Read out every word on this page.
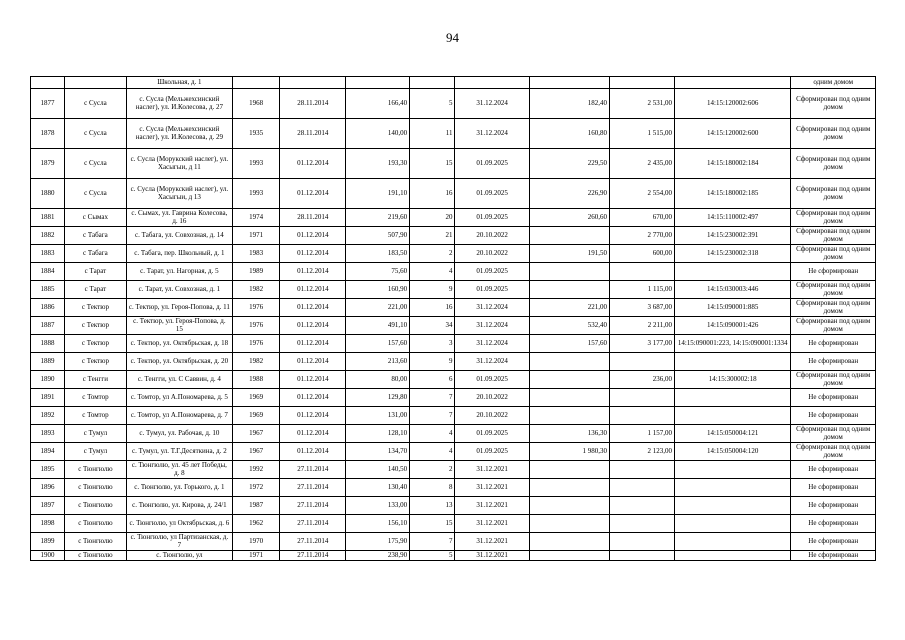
94
		Школьная, д. 1									одним домом
1877	с Сусла	с. Сусла (Мельжехсинский наслег), ул. И.Колесова, д. 27	1968	28.11.2014	166,40	5	31.12.2024	182,40	2 531,00	14:15:120002:606	Сформирован под одним домом
1878	с Сусла	с. Сусла (Мельжехсинский наслег), ул. И.Колесова, д. 29	1935	28.11.2014	140,00	11	31.12.2024	160,80	1 515,00	14:15:120002:600	Сформирован под одним домом
1879	с Сусла	с. Сусла (Морукский наслег), ул. Хасыгыи, д 11	1993	01.12.2014	193,30	15	01.09.2025	229,50	2 435,00	14:15:180002:184	Сформирован под одним домом
1880	с Сусла	с. Сусла (Морукский наслег), ул. Хасыгыи, д 13	1993	01.12.2014	191,10	16	01.09.2025	226,90	2 554,00	14:15:180002:185	Сформирован под одним домом
1881	с Сымах	с. Сымах, ул. Гаврина Колесова, д. 16	1974	28.11.2014	219,60	20	01.09.2025	260,60	670,00	14:15:110002:497	Сформирован под одним домом
1882	с Табага	с. Табага, ул. Совхозная, д. 14	1971	01.12.2014	507,90	21	20.10.2022		2 770,00	14:15:230002:391	Сформирован под одним домом
1883	с Табага	с. Табага, пер. Школьный, д. 1	1983	01.12.2014	183,50	2	20.10.2022	191,50	600,00	14:15:230002:318	Сформирован под одним домом
1884	с Тарат	с. Тарат, ул. Нагорная, д. 5	1989	01.12.2014	75,60	4	01.09.2025				Не сформирован
1885	с Тарат	с. Тарат, ул. Совхозная, д. 1	1982	01.12.2014	160,90	9	01.09.2025		1 115,00	14:15:030003:446	Сформирован под одним домом
1886	с Тектюр	с. Тектюр, ул. Героя-Попова, д. 11	1976	01.12.2014	221,00	16	31.12.2024	221,00	3 687,00	14:15:090001:885	Сформирован под одним домом
1887	с Тектюр	с. Тектюр, ул. Героя-Попова, д. 15	1976	01.12.2014	491,10	34	31.12.2024	532,40	2 211,00	14:15:090001:426	Сформирован под одним домом
1888	с Тектюр	с. Тектюр, ул. Октябрьская, д. 18	1976	01.12.2014	157,60	3	31.12.2024	157,60	3 177,00	14:15:090001:223, 14:15:090001:1334	Не сформирован
1889	с Тектюр	с. Тектюр, ул. Октябрьская, д. 20	1982	01.12.2014	213,60	9	31.12.2024				Не сформирован
1890	с Тенгги	с. Тенгги, ул. С Саввин, д. 4	1988	01.12.2014	80,00	6	01.09.2025		236,00	14:15:300002:18	Сформирован под одним домом
1891	с Томтор	с. Томтор, ул А.Пономарева, д. 5	1969	01.12.2014	129,80	7	20.10.2022				Не сформирован
1892	с Томтор	с. Томтор, ул А.Пономарева, д. 7	1969	01.12.2014	131,00	7	20.10.2022				Не сформирован
1893	с Тумул	с. Тумул, ул. Рабочая, д. 10	1967	01.12.2014	128,10	4	01.09.2025	136,30	1 157,00	14:15:050004:121	Сформирован под одним домом
1894	с Тумул	с. Тумул, ул. Т.Г.Десяткина, д. 2	1967	01.12.2014	134,70	4	01.09.2025	1 980,30	2 123,00	14:15:050004:120	Сформирован под одним домом
1895	с Тюнгюлю	с. Тюнгюлю, ул. 45 лет Победы, д. 8	1992	27.11.2014	140,50	2	31.12.2021				Не сформирован
1896	с Тюнгюлю	с. Тюнгюлю, ул. Горького, д. 1	1972	27.11.2014	130,40	8	31.12.2021				Не сформирован
1897	с Тюнгюлю	с. Тюнгюлю, ул. Кирова, д. 24/1	1987	27.11.2014	133,00	13	31.12.2021				Не сформирован
1898	с Тюнгюлю	с. Тюнгюлю, ул Октябрьская, д. 6	1962	27.11.2014	156,10	15	31.12.2021				Не сформирован
1899	с Тюнгюлю	с. Тюнгюлю, ул Партизанская, д. 7	1970	27.11.2014	175,90	7	31.12.2021				Не сформирован
1900	с Тюнгюлю	с. Тюнгюлю, ул	1971	27.11.2014	238,90	5	31.12.2021				Не сформирован
